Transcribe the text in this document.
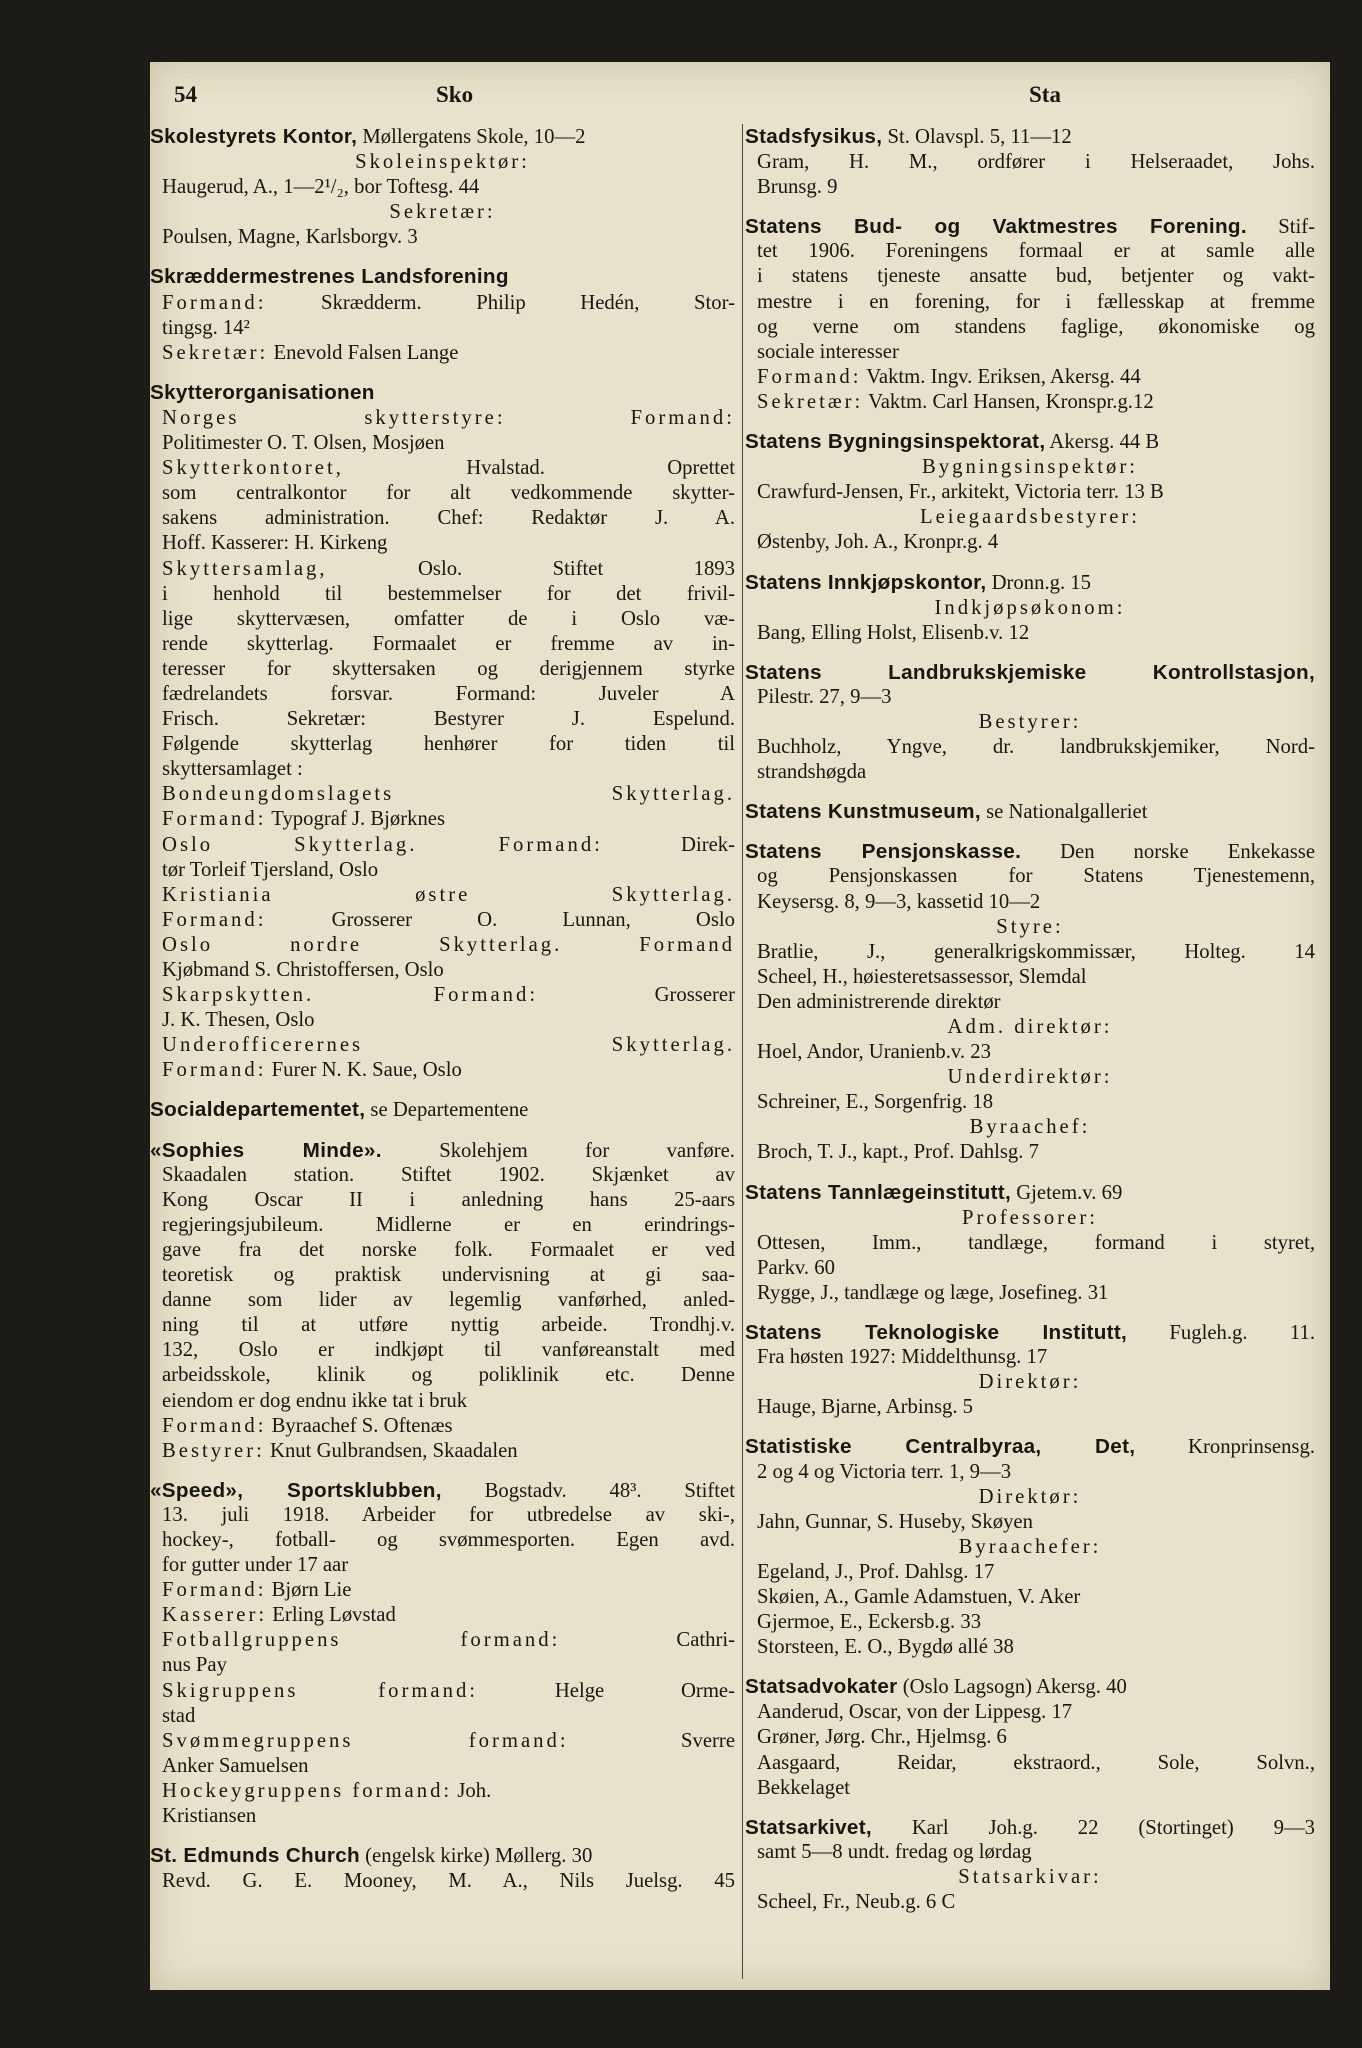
54	Sko	Sta
Skolestyrets Kontor, Møllergatens Skole, 10—2
Skoleinspektør:
Haugerud, A., 1—2¹/₂, bor Toftesg. 44
Sekretær:
Poulsen, Magne, Karlsborgv. 3
Skræddermestrenes Landsforening
Formand: Skrædderm. Philip Hedén, Stor-
tingsg. 14²
Sekretær: Enevold Falsen Lange
Skytterorganisationen
Norges skytterstyre: Formand:
Politimester O. T. Olsen, Mosjøen
Skytterkontoret, Hvalstad. Oprettet
som centralkontor for alt vedkommende skytter-
sakens administration. Chef: Redaktør J. A.
Hoff. Kasserer: H. Kirkeng
Skyttersamlag, Oslo. Stiftet 1893
i henhold til bestemmelser for det frivil-
lige skyttervæsen, omfatter de i Oslo væ-
rende skytterlag. Formaalet er fremme av in-
teresser for skyttersaken og derigjennem styrke
fædrelandets forsvar. Formand: Juveler A
Frisch. Sekretær: Bestyrer J. Espelund.
Følgende skytterlag henhører for tiden til
skyttersamlaget :
Bondeungdomslagets Skytterlag.
Formand: Typograf J. Bjørknes
Oslo Skytterlag. Formand: Direk-
tør Torleif Tjersland, Oslo
Kristiania østre Skytterlag.
Formand: Grosserer O. Lunnan, Oslo
Oslo nordre Skytterlag. Formand
Kjøbmand S. Christoffersen, Oslo
Skarpskytten. Formand: Grosserer
J. K. Thesen, Oslo
Underofficerernes Skytterlag.
Formand: Furer N. K. Saue, Oslo
Socialdepartementet, se Departementene
«Sophies Minde». Skolehjem for vanføre.
Skaadalen station. Stiftet 1902. Skjænket av
Kong Oscar II i anledning hans 25-aars
regjeringsjubileum. Midlerne er en erindrings-
gave fra det norske folk. Formaalet er ved
teoretisk og praktisk undervisning at gi saa-
danne som lider av legemlig vanførhed, anled-
ning til at utføre nyttig arbeide. Trondhj.v.
132, Oslo er indkjøpt til vanføreanstalt med
arbeidsskole, klinik og poliklinik etc. Denne
eiendom er dog endnu ikke tat i bruk
Formand: Byraachef S. Oftenæs
Bestyrer: Knut Gulbrandsen, Skaadalen
«Speed», Sportsklubben, Bogstadv. 48³. Stiftet
13. juli 1918. Arbeider for utbredelse av ski-,
hockey-, fotball- og svømmesporten. Egen avd.
for gutter under 17 aar
Formand: Bjørn Lie
Kasserer: Erling Løvstad
Fotballgruppens formand: Cathri-
nus Pay
Skigruppens formand: Helge Orme-
stad
Svømmegruppens formand: Sverre
Anker Samuelsen
Hockeygruppens formand: Joh.
Kristiansen
St. Edmunds Church (engelsk kirke) Møllerg. 30
Revd. G. E. Mooney, M. A., Nils Juelsg. 45
Stadsfysikus, St. Olavspl. 5, 11—12
Gram, H. M., ordfører i Helseraadet, Johs.
Brunsg. 9
Statens Bud- og Vaktmestres Forening. Stif-
tet 1906. Foreningens formaal er at samle alle
i statens tjeneste ansatte bud, betjenter og vakt-
mestre i en forening, for i fællesskap at fremme
og verne om standens faglige, økonomiske og
sociale interesser
Formand: Vaktm. Ingv. Eriksen, Akersg. 44
Sekretær: Vaktm. Carl Hansen, Kronspr.g.12
Statens Bygningsinspektorat, Akersg. 44 B
Bygningsinspektør:
Crawfurd-Jensen, Fr., arkitekt, Victoria terr. 13 B
Leiegaardsbestyrer:
Østenby, Joh. A., Kronpr.g. 4
Statens Innkjøpskontor, Dronn.g. 15
Indkjøpsøkonom:
Bang, Elling Holst, Elisenb.v. 12
Statens Landbrukskjemiske Kontrollstasjon,
Pilestr. 27, 9—3
Bestyrer:
Buchholz, Yngve, dr. landbrukskjemiker, Nord-
strandshøgda
Statens Kunstmuseum, se Nationalgalleriet
Statens Pensjonskasse. Den norske Enkekasse
og Pensjonskassen for Statens Tjenestemenn,
Keysersg. 8, 9—3, kassetid 10—2
Styre:
Bratlie, J., generalkrigskommissær, Holteg. 14
Scheel, H., høiesteretsassessor, Slemdal
Den administrerende direktør
Adm. direktør:
Hoel, Andor, Uranienb.v. 23
Underdirektør:
Schreiner, E., Sorgenfrig. 18
Byraachef:
Broch, T. J., kapt., Prof. Dahlsg. 7
Statens Tannlægeinstitutt, Gjetem.v. 69
Professorer:
Ottesen, Imm., tandlæge, formand i styret,
Parkv. 60
Rygge, J., tandlæge og læge, Josefineg. 31
Statens Teknologiske Institutt, Fugleh.g. 11.
Fra høsten 1927: Middelthunsg. 17
Direktør:
Hauge, Bjarne, Arbinsg. 5
Statistiske Centralbyraa, Det, Kronprinsensg.
2 og 4 og Victoria terr. 1, 9—3
Direktør:
Jahn, Gunnar, S. Huseby, Skøyen
Byraachefer:
Egeland, J., Prof. Dahlsg. 17
Skøien, A., Gamle Adamstuen, V. Aker
Gjermoe, E., Eckersb.g. 33
Storsteen, E. O., Bygdø allé 38
Statsadvokater (Oslo Lagsogn) Akersg. 40
Aanderud, Oscar, von der Lippesg. 17
Grøner, Jørg. Chr., Hjelmsg. 6
Aasgaard, Reidar, ekstraord., Sole, Solvn.,
Bekkelaget
Statsarkivet, Karl Joh.g. 22 (Stortinget) 9—3
samt 5—8 undt. fredag og lørdag
Statsarkivar:
Scheel, Fr., Neub.g. 6 C
